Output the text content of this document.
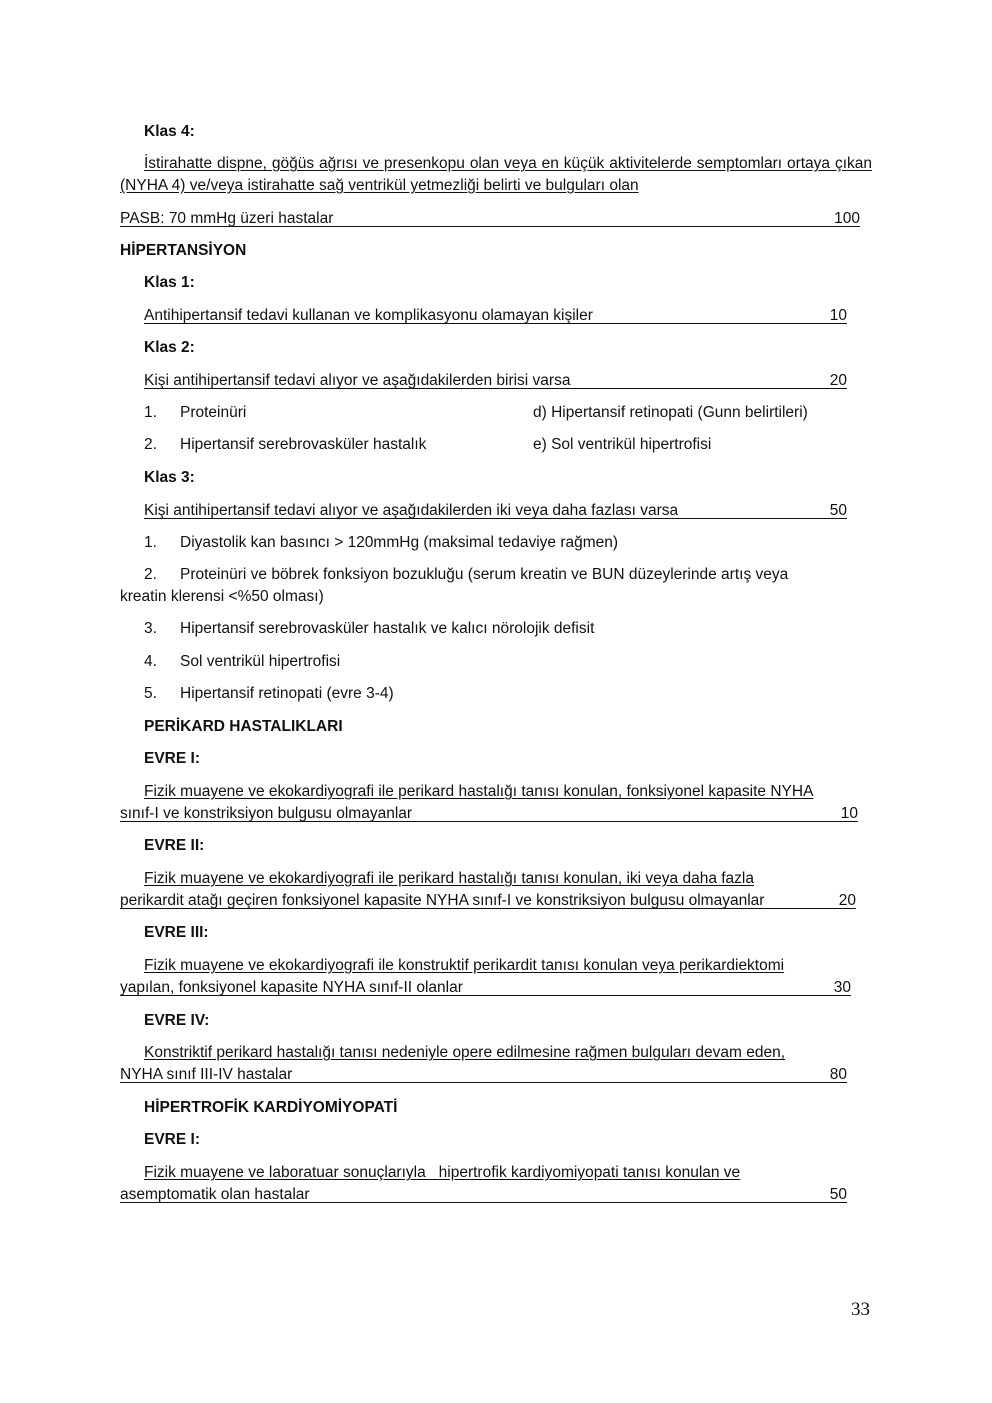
Klas 4:
İstirahatte dispne, göğüs ağrısı ve presenkopu olan veya en küçük aktivitelerde semptomları ortaya çıkan (NYHA 4) ve/veya istirahatte sağ ventrikül yetmezliği belirti ve bulguları olan
PASB: 70 mmHg üzeri hastalar	100
HİPERTANSİYON
Klas 1:
Antihipertansif tedavi kullanan ve komplikasyonu olamayan kişiler	10
Klas 2:
Kişi antihipertansif tedavi alıyor ve aşağıdakilerden birisi varsa	20
1. Proteinüri	d) Hipertansif retinopati (Gunn belirtileri)
2. Hipertansif serebrovasküler hastalık	e) Sol ventrikül hipertrofisi
Klas 3:
Kişi antihipertansif tedavi alıyor ve aşağıdakilerden iki veya daha fazlası varsa	50
1. Diyastolik kan basıncı > 120mmHg (maksimal tedaviye rağmen)
2. Proteinüri ve böbrek fonksiyon bozukluğu (serum kreatin ve BUN düzeylerinde artış veya
kreatin klerensi <%50 olması)
3. Hipertansif serebrovasküler hastalık ve kalıcı nörolojik defisit
4. Sol ventrikül hipertrofisi
5. Hipertansif retinopati (evre 3-4)
PERİKARD HASTALIKLARI
EVRE I:
Fizik muayene ve ekokardiyografi ile perikard hastalığı tanısı konulan, fonksiyonel kapasite NYHA
sınıf-I ve konstriksiyon bulgusu olmayanlar	10
EVRE II:
Fizik muayene ve ekokardiyografi ile perikard hastalığı tanısı konulan, iki veya daha fazla
perikardit atağı geçiren fonksiyonel kapasite NYHA sınıf-I ve konstriksiyon bulgusu olmayanlar	20
EVRE III:
Fizik muayene ve ekokardiyografi ile konstruktif perikardit tanısı konulan veya perikardiektomi
yapılan, fonksiyonel kapasite NYHA sınıf-II olanlar	30
EVRE IV:
Konstriktif perikard hastalığı tanısı nedeniyle opere edilmesine rağmen bulguları devam eden,
NYHA sınıf III-IV hastalar	80
HİPERTROFİK KARDİYOMİYOPATİ
EVRE I:
Fizik muayene ve laboratuar sonuçlarıyla   hipertrofik kardiyomiyopati tanısı konulan ve
asemptomatik olan hastalar	50
33
